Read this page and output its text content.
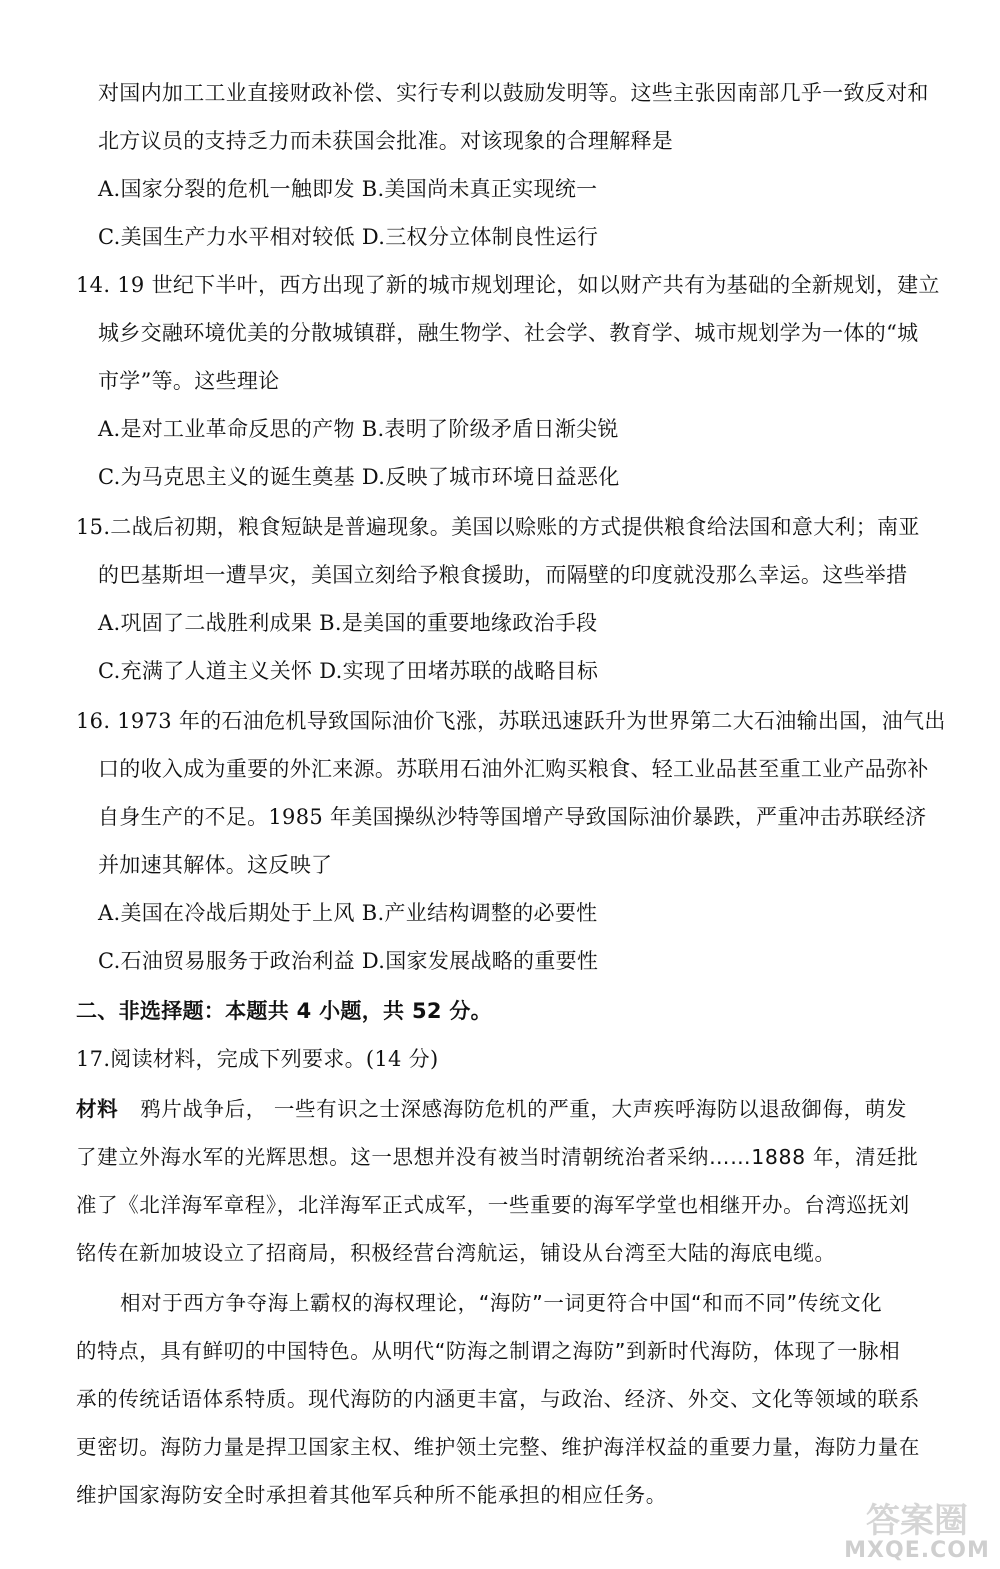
对国内加工工业直接财政补偿、实行专利以鼓励发明等。这些主张因南部几乎一致反对和
北方议员的支持乏力而未获国会批准。对该现象的合理解释是
A.国家分裂的危机一触即发 B.美国尚未真正实现统一
C.美国生产力水平相对较低 D.三权分立体制良性运行
14. 19 世纪下半叶，西方出现了新的城市规划理论，如以财产共有为基础的全新规划，建立
城乡交融环境优美的分散城镇群，融生物学、社会学、教育学、城市规划学为一体的“城
市学”等。这些理论
A.是对工业革命反思的产物 B.表明了阶级矛盾日渐尖锐
C.为马克思主义的诞生奠基 D.反映了城市环境日益恶化
15.二战后初期，粮食短缺是普遍现象。美国以赊账的方式提供粮食给法国和意大利；南亚
的巴基斯坦一遭旱灾，美国立刻给予粮食援助，而隔壁的印度就没那么幸运。这些举措
A.巩固了二战胜利成果 B.是美国的重要地缘政治手段
C.充满了人道主义关怀 D.实现了田堵苏联的战略目标
16. 1973 年的石油危机导致国际油价飞涨，苏联迅速跃升为世界第二大石油输出国，油气出
口的收入成为重要的外汇来源。苏联用石油外汇购买粮食、轻工业品甚至重工业产品弥补
自身生产的不足。1985 年美国操纵沙特等国增产导致国际油价暴跌，严重冲击苏联经济
并加速其解体。这反映了
A.美国在冷战后期处于上风 B.产业结构调整的必要性
C.石油贸易服务于政治利益 D.国家发展战略的重要性
二、非选择题：本题共 4 小题，共 52 分。
17.阅读材料，完成下列要求。(14 分)
材料 鸦片战争后， 一些有识之士深感海防危机的严重，大声疾呼海防以退敌御侮，萌发
了建立外海水军的光辉思想。这一思想并没有被当时清朝统治者采纳……1888 年，清廷批
准了《北洋海军章程》，北洋海军正式成军，一些重要的海军学堂也相继开办。台湾巡抚刘
铭传在新加坡设立了招商局，积极经营台湾航运，铺设从台湾至大陆的海底电缆。
相对于西方争夺海上霸权的海权理论，“海防”一词更符合中国“和而不同”传统文化
的特点，具有鲜叨的中国特色。从明代“防海之制谓之海防”到新时代海防，体现了一脉相
承的传统话语体系特质。现代海防的内涵更丰富，与政治、经济、外交、文化等领域的联系
更密切。海防力量是捍卫国家主权、维护领土完整、维护海洋权益的重要力量，海防力量在
维护国家海防安全时承担着其他军兵种所不能承担的相应任务。
答案圈
MXQE.COM
